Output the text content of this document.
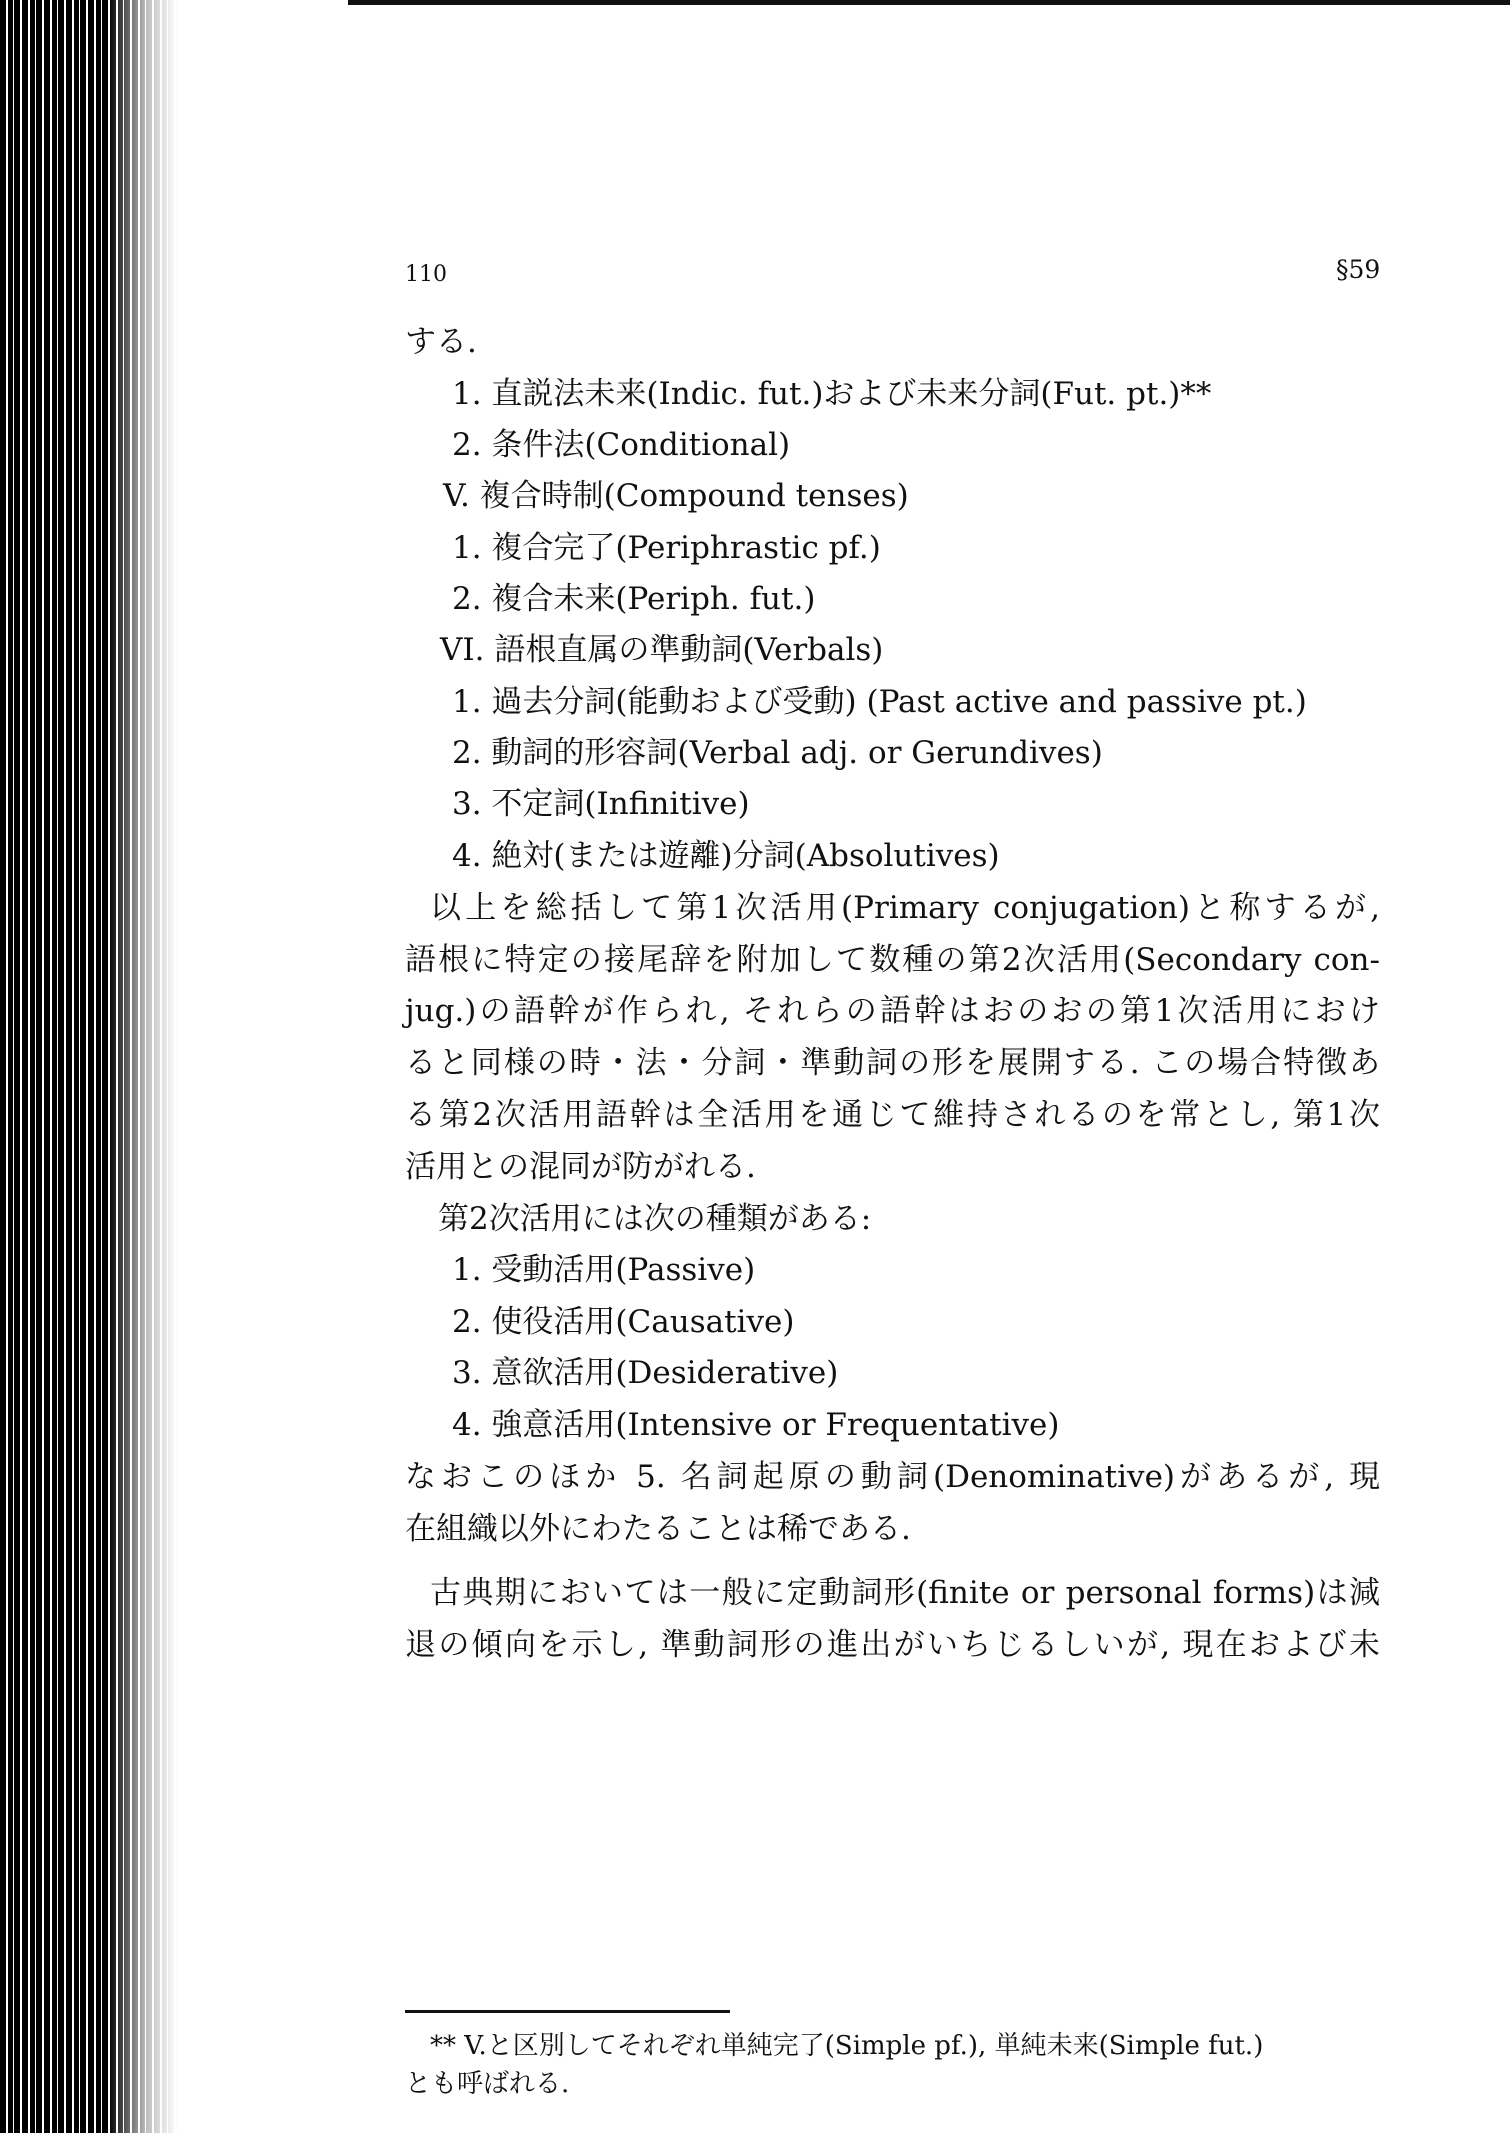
110	§59
する.
1. 直説法未来(Indic. fut.)および未来分詞(Fut. pt.)**
2. 条件法(Conditional)
V. 複合時制(Compound tenses)
1. 複合完了(Periphrastic pf.)
2. 複合未来(Periph. fut.)
VI. 語根直属の準動詞(Verbals)
1. 過去分詞(能動および受動) (Past active and passive pt.)
2. 動詞的形容詞(Verbal adj. or Gerundives)
3. 不定詞(Infinitive)
4. 絶対(または遊離)分詞(Absolutives)
以上を総括して第1次活用(Primary conjugation)と称するが,
語根に特定の接尾辞を附加して数種の第2次活用(Secondary con-
jug.)の語幹が作られ, それらの語幹はおのおの第1次活用におけ
ると同様の時・法・分詞・準動詞の形を展開する. この場合特徴あ
る第2次活用語幹は全活用を通じて維持されるのを常とし, 第1次
活用との混同が防がれる.
第2次活用には次の種類がある:
1. 受動活用(Passive)
2. 使役活用(Causative)
3. 意欲活用(Desiderative)
4. 強意活用(Intensive or Frequentative)
なおこのほか 5. 名詞起原の動詞(Denominative)があるが, 現
在組織以外にわたることは稀である.
古典期においては一般に定動詞形(finite or personal forms)は減
退の傾向を示し, 準動詞形の進出がいちじるしいが, 現在および未
** V.と区別してそれぞれ単純完了(Simple pf.), 単純未来(Simple fut.)
とも呼ばれる.
